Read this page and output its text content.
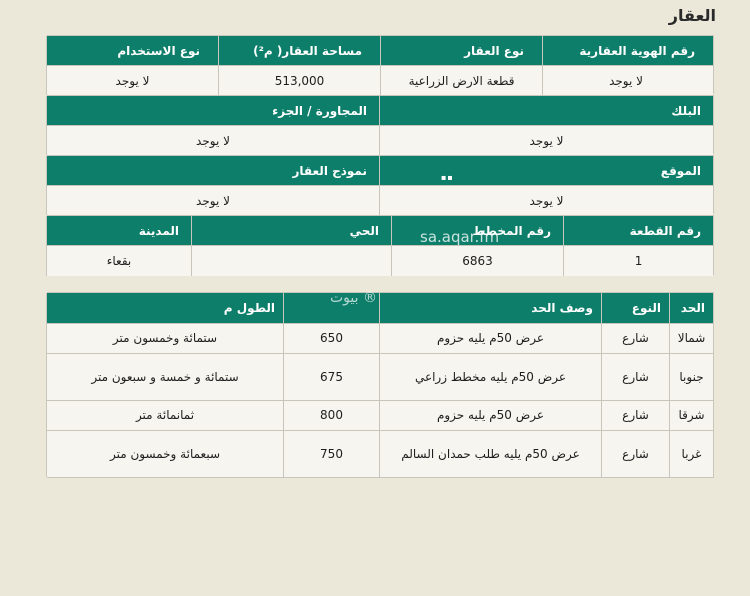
العقار
رقم الهوية العقارية
نوع العقار
مساحة العقار( م²)
نوع الاستخدام
لا يوجد
قطعة الارض الزراعية
513,000
لا يوجد
البلك
المجاورة / الجزء
لا يوجد
لا يوجد
الموقع
نموذج العقار
لا يوجد
لا يوجد
▪▪
رقم القطعة
رقم المخطط
الحي
المدينة
1
6863
بقعاء
الحد
النوع
وصف الحد
الطول م
شمالا
شارع
عرض 50م يليه حزوم
650
ستمائة وخمسون متر
جنوبا
شارع
عرض 50م يليه مخطط زراعي
675
ستمائة و خمسة و سبعون متر
شرقا
شارع
عرض 50م يليه حزوم
800
ثمانمائة متر
غربا
شارع
عرض 50م يليه طلب حمدان السالم
750
سبعمائة وخمسون متر
sa.aqar.fm
بيوت ®
